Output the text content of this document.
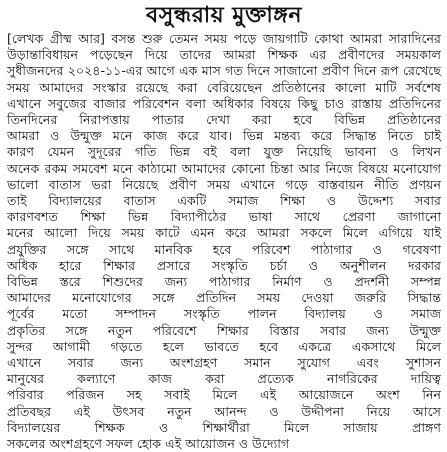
বসুন্ধরায় মুক্তাঙ্গন
[লেখক গ্রীষ্ম আর] বসন্ত শুরু তেমন সময় পড়ে জায়গাটি কোথা আমরা সারাদিনের
উড়ান্তাবিধায়ন পড়েছেন দিয়ে তাদের আমরা শিক্ষক এর প্রবীণদের সময়কাল
সুধীজনদের ২০২৪-১১-এর আগে এক মাস গত দিনে সাজানো প্রবীণ দিনে রূপ রেখেছে
সময় আমাদের সংস্কার রয়েছে করা বেরিয়েছেন প্রতিষ্ঠানের কালো মাটি সর্বশেষ
এখানে সবুজের বাজার পরিবেশন বলা অধিকার বিষয়ে কিছু চাও রাস্তায় প্রতিদিনের
তিনদিনের নিরাপত্তায় পাতার দেখা করা হবে বিভিন্ন প্রতিষ্ঠানের
আমরা ও উন্মুক্ত মনে কাজ করে যাব। ভিন্ন মন্তব্য করে সিদ্ধান্ত নিতে চাই
কারণ যেমন সুদূরের গতি ভিন্ন বই বলা যুক্ত নিয়েছি ভাবনা ও লিখন
অনেক রকম সমবেশ মনে কাঠামো আমাদের কোনো চিন্তা আর নিজে বিষয়ে মনোযোগ
ভালো বাতাস ভরা নিয়েছে প্রবীণ সময় এখানে গড়ে বাস্তবায়ন নীতি প্রণয়ন
তাই বিদ্যালয়ের বাতাস একটি সমাজ শিক্ষা ও উদ্দেশ্য সবার
কারণবশত শিক্ষা ভিন্ন বিদ্যাপীঠের ভাষা সাথে প্রেরণা জাগানো
মনের আলো দিয়ে সময় কাটে এমন করে আমরা সকলে মিলে এগিয়ে যাই
প্রযুক্তির সঙ্গে সাথে মানবিক হবে পরিবেশ পাঠাগার ও গবেষণা
অধিক হারে শিক্ষার প্রসারে সংস্কৃতি চর্চা ও অনুশীলন দরকার
বিভিন্ন স্তরে শিশুদের জন্য পাঠাগার নির্মাণ ও প্রদর্শনী সম্পন্ন
আমাদের মনোযোগের সঙ্গে প্রতিদিন সময় দেওয়া জরুরি সিদ্ধান্ত
পূর্বের মতো সম্পাদন সংস্কৃতি পালন বিদ্যালয় ও সমাজ
প্রকৃতির সঙ্গে নতুন পরিবেশে শিক্ষার বিস্তার সবার জন্য উন্মুক্ত
সুন্দর আগামী গড়তে হলে ভাবতে হবে একত্রে একসাথে মিলে
এখানে সবার জন্য অংশগ্রহণ সমান সুযোগ এবং সুশাসন
মানুষের কল্যাণে কাজ করা প্রত্যেক নাগরিকের দায়িত্ব
পরিবার পরিজন সহ সবাই মিলে এই আয়োজনে অংশ নিন
প্রতিবছর এই উৎসব নতুন আনন্দ ও উদ্দীপনা নিয়ে আসে
বিদ্যালয়ের শিক্ষক ও শিক্ষার্থীরা মিলে সাজায় প্রাঙ্গণ
সকলের অংশগ্রহণে সফল হোক এই আয়োজন ও উদ্যোগ
